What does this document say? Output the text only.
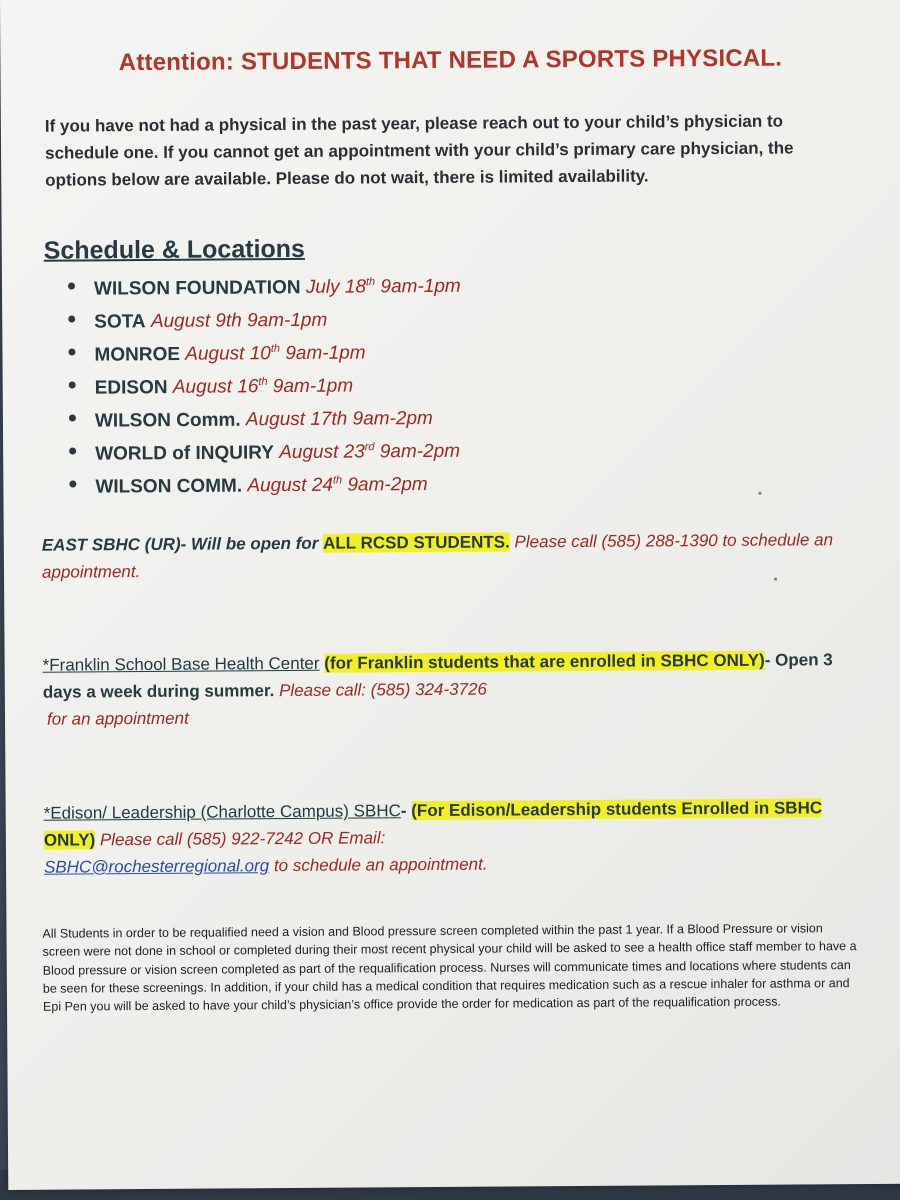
Attention: STUDENTS THAT NEED A SPORTS PHYSICAL.
If you have not had a physical in the past year, please reach out to your child’s physician to schedule one. If you cannot get an appointment with your child’s primary care physician, the options below are available. Please do not wait, there is limited availability.
Schedule & Locations
WILSON FOUNDATION July 18th 9am-1pm
SOTA August 9th 9am-1pm
MONROE August 10th 9am-1pm
EDISON August 16th 9am-1pm
WILSON Comm. August 17th 9am-2pm
WORLD of INQUIRY August 23rd 9am-2pm
WILSON COMM. August 24th 9am-2pm
EAST SBHC (UR)- Will be open for ALL RCSD STUDENTS. Please call (585) 288-1390 to schedule an appointment.
*Franklin School Base Health Center (for Franklin students that are enrolled in SBHC ONLY)- Open 3 days a week during summer. Please call: (585) 324-3726
for an appointment
*Edison/ Leadership (Charlotte Campus) SBHC- (For Edison/Leadership students Enrolled in SBHC ONLY) Please call (585) 922-7242 OR Email:
SBHC@rochesterregional.org to schedule an appointment.
All Students in order to be requalified need a vision and Blood pressure screen completed within the past 1 year. If a Blood Pressure or vision screen were not done in school or completed during their most recent physical your child will be asked to see a health office staff member to have a Blood pressure or vision screen completed as part of the requalification process. Nurses will communicate times and locations where students can be seen for these screenings. In addition, if your child has a medical condition that requires medication such as a rescue inhaler for asthma or and Epi Pen you will be asked to have your child’s physician’s office provide the order for medication as part of the requalification process.
